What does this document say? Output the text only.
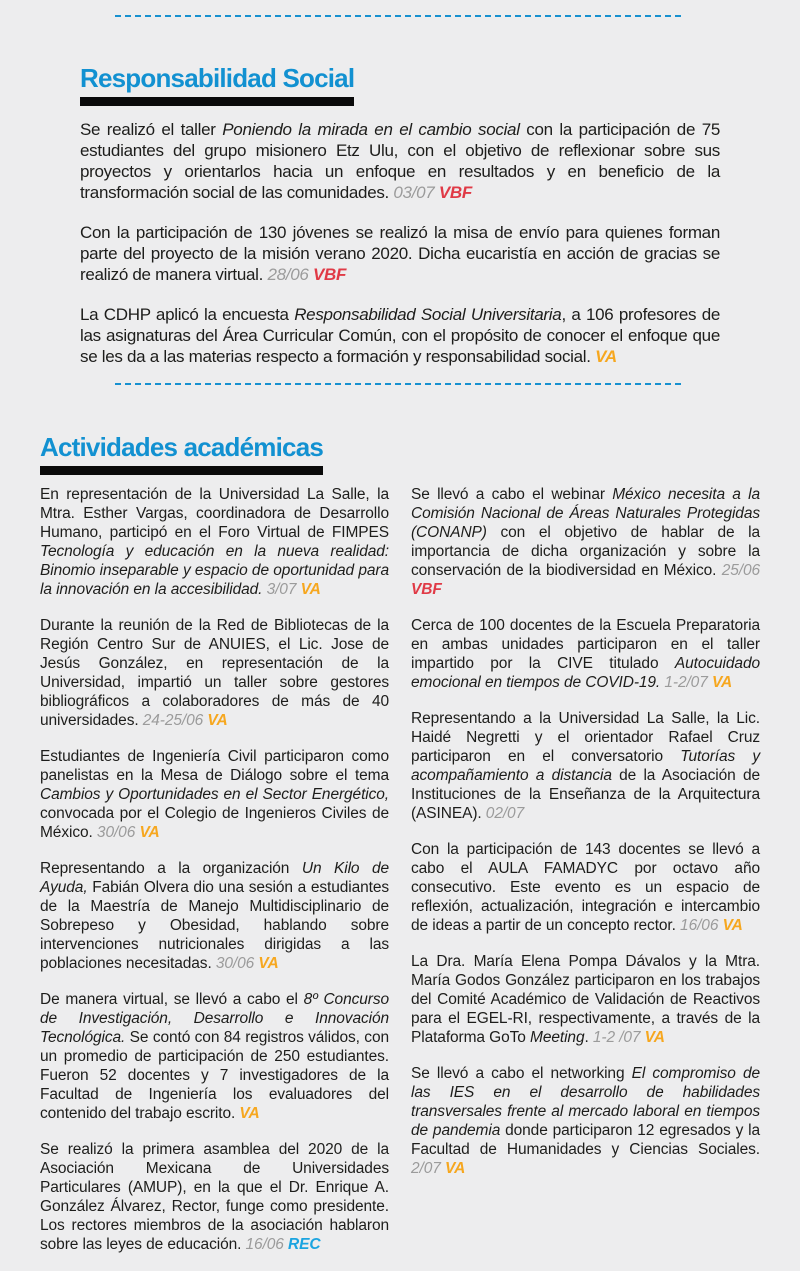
Responsabilidad Social

Se realizó el taller Poniendo la mirada en el cambio social con la participación de 75 estudiantes del grupo misionero Etz Ulu, con el objetivo de reflexionar sobre sus proyectos y orientarlos hacia un enfoque en resultados y en beneficio de la transformación social de las comunidades. 03/07 VBF

Con la participación de 130 jóvenes se realizó la misa de envío para quienes forman parte del proyecto de la misión verano 2020. Dicha eucaristía en acción de gracias se realizó de manera virtual. 28/06 VBF

La CDHP aplicó la encuesta Responsabilidad Social Universitaria, a 106 profesores de las asignaturas del Área Curricular Común, con el propósito de conocer el enfoque que se les da a las materias respecto a formación y responsabilidad social. VA

Actividades académicas

En representación de la Universidad La Salle, la Mtra. Esther Vargas, coordinadora de Desarrollo Humano, participó en el Foro Virtual de FIMPES Tecnología y educación en la nueva realidad: Binomio inseparable y espacio de oportunidad para la innovación en la accesibilidad. 3/07 VA

Durante la reunión de la Red de Bibliotecas de la Región Centro Sur de ANUIES, el Lic. Jose de Jesús González, en representación de la Universidad, impartió un taller sobre gestores bibliográficos a colaboradores de más de 40 universidades. 24-25/06 VA

Estudiantes de Ingeniería Civil participaron como panelistas en la Mesa de Diálogo sobre el tema Cambios y Oportunidades en el Sector Energético, convocada por el Colegio de Ingenieros Civiles de México. 30/06 VA

Representando a la organización Un Kilo de Ayuda, Fabián Olvera dio una sesión a estudiantes de la Maestría de Manejo Multidisciplinario de Sobrepeso y Obesidad, hablando sobre intervenciones nutricionales dirigidas a las poblaciones necesitadas. 30/06 VA

De manera virtual, se llevó a cabo el 8º Concurso de Investigación, Desarrollo e Innovación Tecnológica. Se contó con 84 registros válidos, con un promedio de participación de 250 estudiantes. Fueron 52 docentes y 7 investigadores de la Facultad de Ingeniería los evaluadores del contenido del trabajo escrito. VA

Se realizó la primera asamblea del 2020 de la Asociación Mexicana de Universidades Particulares (AMUP), en la que el Dr. Enrique A. González Álvarez, Rector, funge como presidente. Los rectores miembros de la asociación hablaron sobre las leyes de educación. 16/06 REC

Se llevó a cabo el webinar México necesita a la Comisión Nacional de Áreas Naturales Protegidas (CONANP) con el objetivo de hablar de la importancia de dicha organización y sobre la conservación de la biodiversidad en México. 25/06 VBF

Cerca de 100 docentes de la Escuela Preparatoria en ambas unidades participaron en el taller impartido por la CIVE titulado Autocuidado emocional en tiempos de COVID-19. 1-2/07 VA

Representando a la Universidad La Salle, la Lic. Haidé Negretti y el orientador Rafael Cruz participaron en el conversatorio Tutorías y acompañamiento a distancia de la Asociación de Instituciones de la Enseñanza de la Arquitectura (ASINEA). 02/07

Con la participación de 143 docentes se llevó a cabo el AULA FAMADYC por octavo año consecutivo. Este evento es un espacio de reflexión, actualización, integración e intercambio de ideas a partir de un concepto rector. 16/06 VA

La Dra. María Elena Pompa Dávalos y la Mtra. María Godos González participaron en los trabajos del Comité Académico de Validación de Reactivos para el EGEL-RI, respectivamente, a través de la Plataforma GoTo Meeting. 1-2 /07 VA

Se llevó a cabo el networking El compromiso de las IES en el desarrollo de habilidades transversales frente al mercado laboral en tiempos de pandemia donde participaron 12 egresados y la Facultad de Humanidades y Ciencias Sociales. 2/07 VA
